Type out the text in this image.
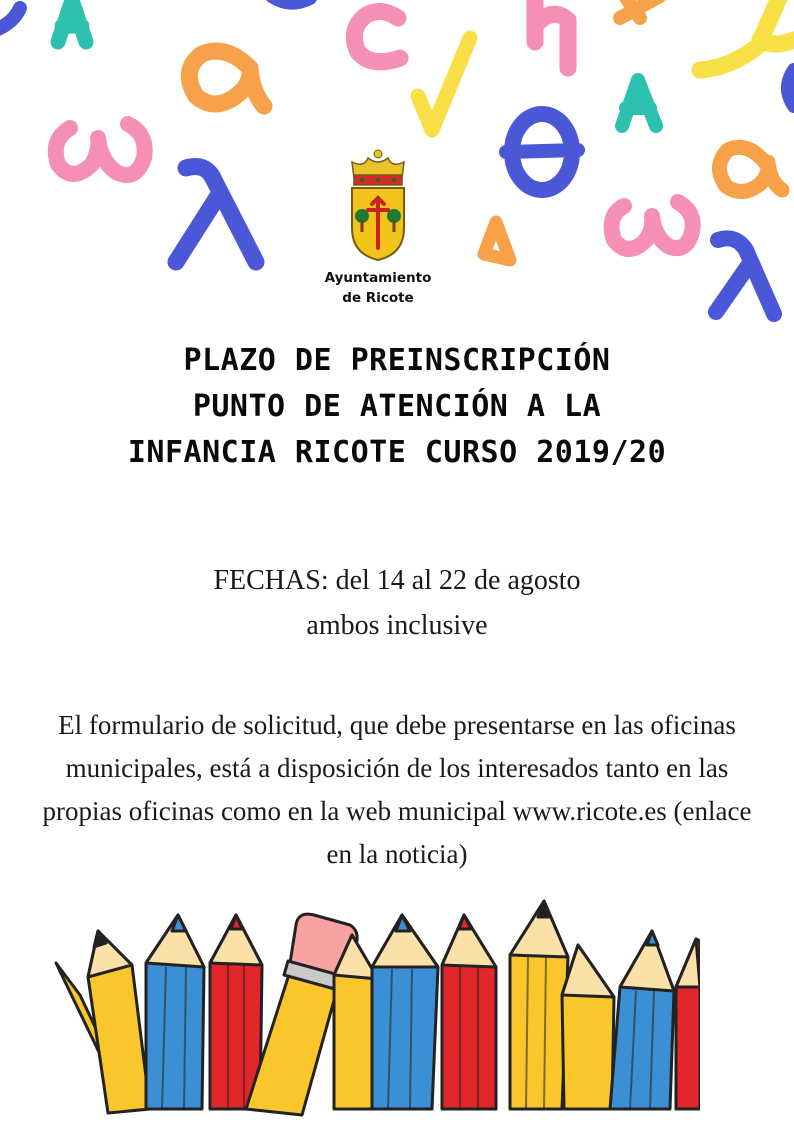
Ayuntamiento
de Ricote
PLAZO DE PREINSCRIPCIÓN
PUNTO DE ATENCIÓN A LA
INFANCIA RICOTE CURSO 2019/20
FECHAS: del 14 al 22 de agosto
ambos inclusive
El formulario de solicitud, que debe presentarse en las oficinas municipales, está a disposición de los interesados tanto en las propias oficinas como en la web municipal www.ricote.es (enlace en la noticia)
